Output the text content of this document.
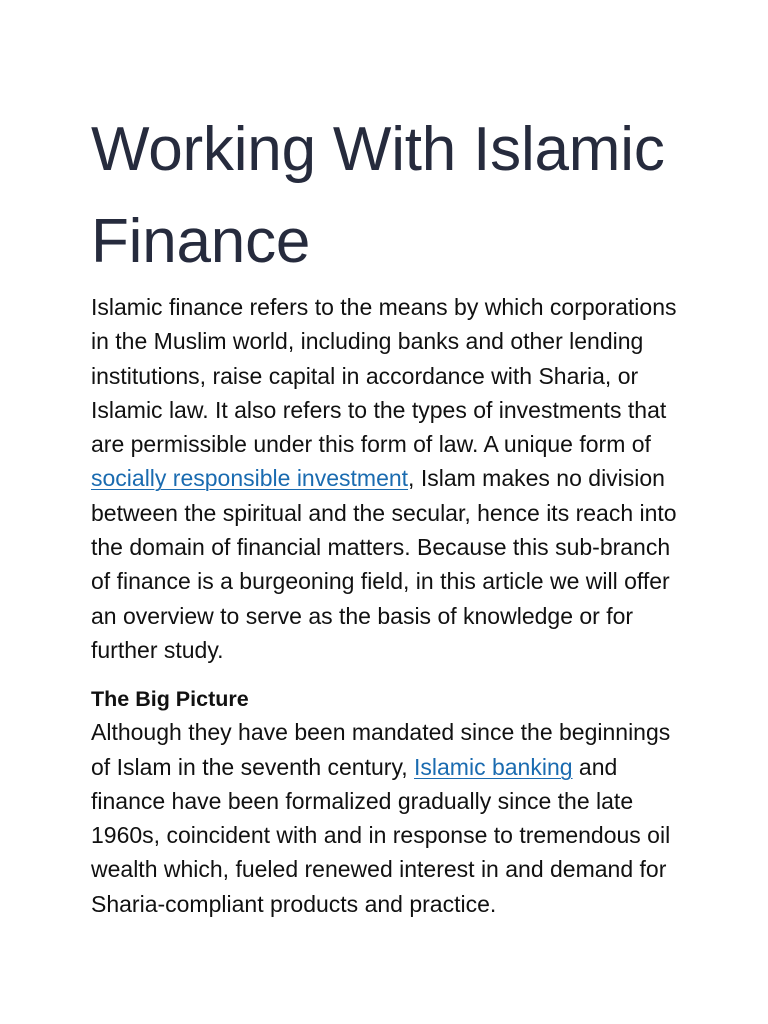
Working With Islamic Finance

Islamic finance refers to the means by which corporations in the Muslim world, including banks and other lending institutions, raise capital in accordance with Sharia, or Islamic law. It also refers to the types of investments that are permissible under this form of law. A unique form of socially responsible investment, Islam makes no division between the spiritual and the secular, hence its reach into the domain of financial matters. Because this sub-branch of finance is a burgeoning field, in this article we will offer an overview to serve as the basis of knowledge or for further study.

The Big Picture

Although they have been mandated since the beginnings of Islam in the seventh century, Islamic banking and finance have been formalized gradually since the late 1960s, coincident with and in response to tremendous oil wealth which, fueled renewed interest in and demand for Sharia-compliant products and practice.
